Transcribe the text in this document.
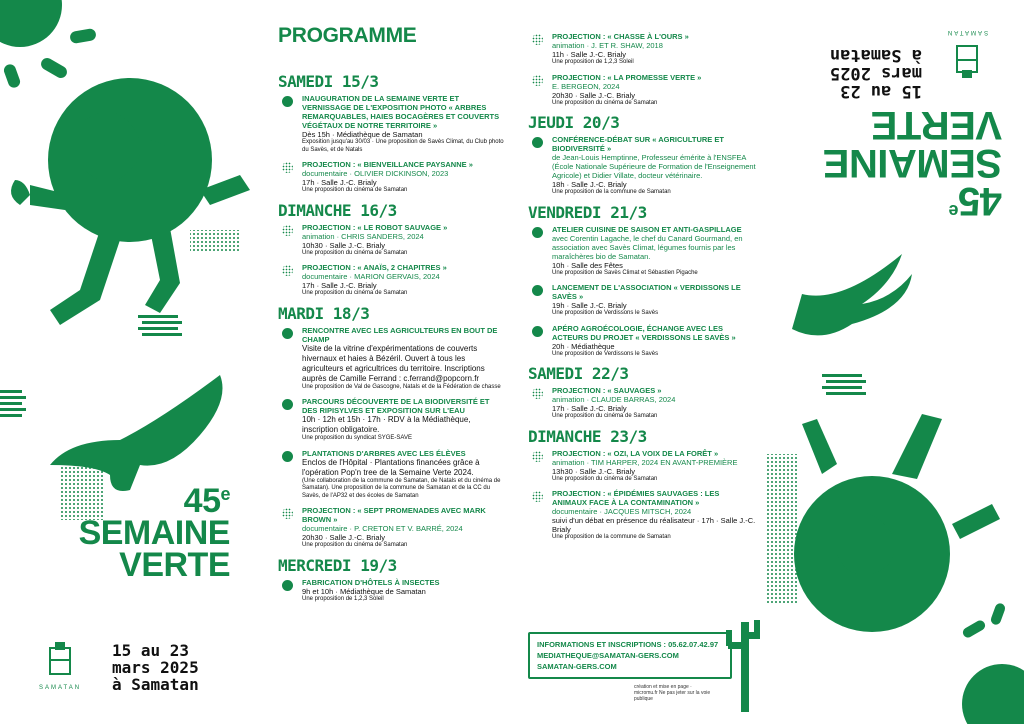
45e
SEMAINE
VERTE
SAMATAN
15 au 23
mars 2025
à Samatan
PROGRAMME
SAMEDI 15/3
INAUGURATION DE LA SEMAINE VERTE ET VERNISSAGE DE L'EXPOSITION PHOTO « ARBRES REMARQUABLES, HAIES BOCAGÈRES ET COUVERTS VÉGÉTAUX DE NOTRE TERRITOIRE »
Dès 15h · Médiathèque de Samatan
Exposition jusqu'au 30/03 · Une proposition de Savès Climat, du Club photo du Savès, et de Natals
PROJECTION : « BIENVEILLANCE PAYSANNE »
documentaire · OLIVIER DICKINSON, 2023
17h · Salle J.-C. Brialy
Une proposition du cinéma de Samatan
DIMANCHE 16/3
PROJECTION : « LE ROBOT SAUVAGE »
animation · CHRIS SANDERS, 2024
10h30 · Salle J.-C. Brialy
Une proposition du cinéma de Samatan
PROJECTION : « ANAÏS, 2 CHAPITRES »
documentaire · MARION GERVAIS, 2024
17h · Salle J.-C. Brialy
Une proposition du cinéma de Samatan
MARDI 18/3
RENCONTRE AVEC LES AGRICULTEURS EN BOUT DE CHAMP
Visite de la vitrine d'expérimentations de couverts hivernaux et haies à Bézéril. Ouvert à tous les agriculteurs et agricultrices du territoire. Inscriptions auprès de Camille Ferrand : c.ferrand@popcorn.fr
Une proposition de Val de Gascogne, Natals et de la Fédération de chasse
PARCOURS DÉCOUVERTE DE LA BIODIVERSITÉ ET DES RIPISYLVES ET EXPOSITION SUR L'EAU
10h · 12h et 15h · 17h · RDV à la Médiathèque, inscription obligatoire.
Une proposition du syndicat SYGE-SAVE
PLANTATIONS D'ARBRES AVEC LES ÉLÈVES
Enclos de l'Hôpital · Plantations financées grâce à l'opération Pop'n tree de la Semaine Verte 2024.
(Une collaboration de la commune de Samatan, de Natals et du cinéma de Samatan). Une proposition de la commune de Samatan et de la CC du Savès, de l'AP32 et des écoles de Samatan
PROJECTION : « SEPT PROMENADES AVEC MARK BROWN »
documentaire · P. CRETON ET V. BARRÉ, 2024
20h30 · Salle J.-C. Brialy
Une proposition du cinéma de Samatan
MERCREDI 19/3
FABRICATION D'HÔTELS À INSECTES
9h et 10h · Médiathèque de Samatan
Une proposition de 1,2,3 Soleil
PROJECTION : « CHASSE À L'OURS »
animation · J. ET R. SHAW, 2018
11h · Salle J.-C. Brialy
Une proposition de 1,2,3 Soleil
PROJECTION : « LA PROMESSE VERTE »
E. BERGEON, 2024
20h30 · Salle J.-C. Brialy
Une proposition du cinéma de Samatan
JEUDI 20/3
CONFÉRENCE-DÉBAT SUR « AGRICULTURE ET BIODIVERSITÉ »
de Jean-Louis Hemptinne, Professeur émérite à l'ENSFEA (École Nationale Supérieure de Formation de l'Enseignement Agricole) et Didier Villate, docteur vétérinaire.
18h · Salle J.-C. Brialy
Une proposition de la commune de Samatan
VENDREDI 21/3
ATELIER CUISINE DE SAISON ET ANTI-GASPILLAGE
avec Corentin Lagache, le chef du Canard Gourmand, en association avec Savès Climat, légumes fournis par les maraîchères bio de Samatan.
10h · Salle des Fêtes
Une proposition de Savès Climat et Sébastien Pigache
LANCEMENT DE L'ASSOCIATION « VERDISSONS LE SAVÈS »
19h · Salle J.-C. Brialy
Une proposition de Verdissons le Savès
APÉRO AGROÉCOLOGIE, ÉCHANGE AVEC LES ACTEURS DU PROJET « VERDISSONS LE SAVÈS »
20h · Médiathèque
Une proposition de Verdissons le Savès
SAMEDI 22/3
PROJECTION : « SAUVAGES »
animation · CLAUDE BARRAS, 2024
17h · Salle J.-C. Brialy
Une proposition du cinéma de Samatan
DIMANCHE 23/3
PROJECTION : « OZI, LA VOIX DE LA FORÊT »
animation · TIM HARPER, 2024 EN AVANT-PREMIÈRE
13h30 · Salle J.-C. Brialy
Une proposition du cinéma de Samatan
PROJECTION : « ÉPIDÉMIES SAUVAGES : LES ANIMAUX FACE À LA CONTAMINATION »
documentaire · JACQUES MITSCH, 2024
suivi d'un débat en présence du réalisateur · 17h · Salle J.-C. Brialy
Une proposition de la commune de Samatan
INFORMATIONS ET INSCRIPTIONS : 05.62.07.42.97
MEDIATHEQUE@SAMATAN-GERS.COM
SAMATAN-GERS.COM
création et mise en page · micromu.fr Ne pas jeter sur la voie publique
15 au 23
mars 2025
à Samatan
45e
SEMAINE
VERTE
SAMATAN
